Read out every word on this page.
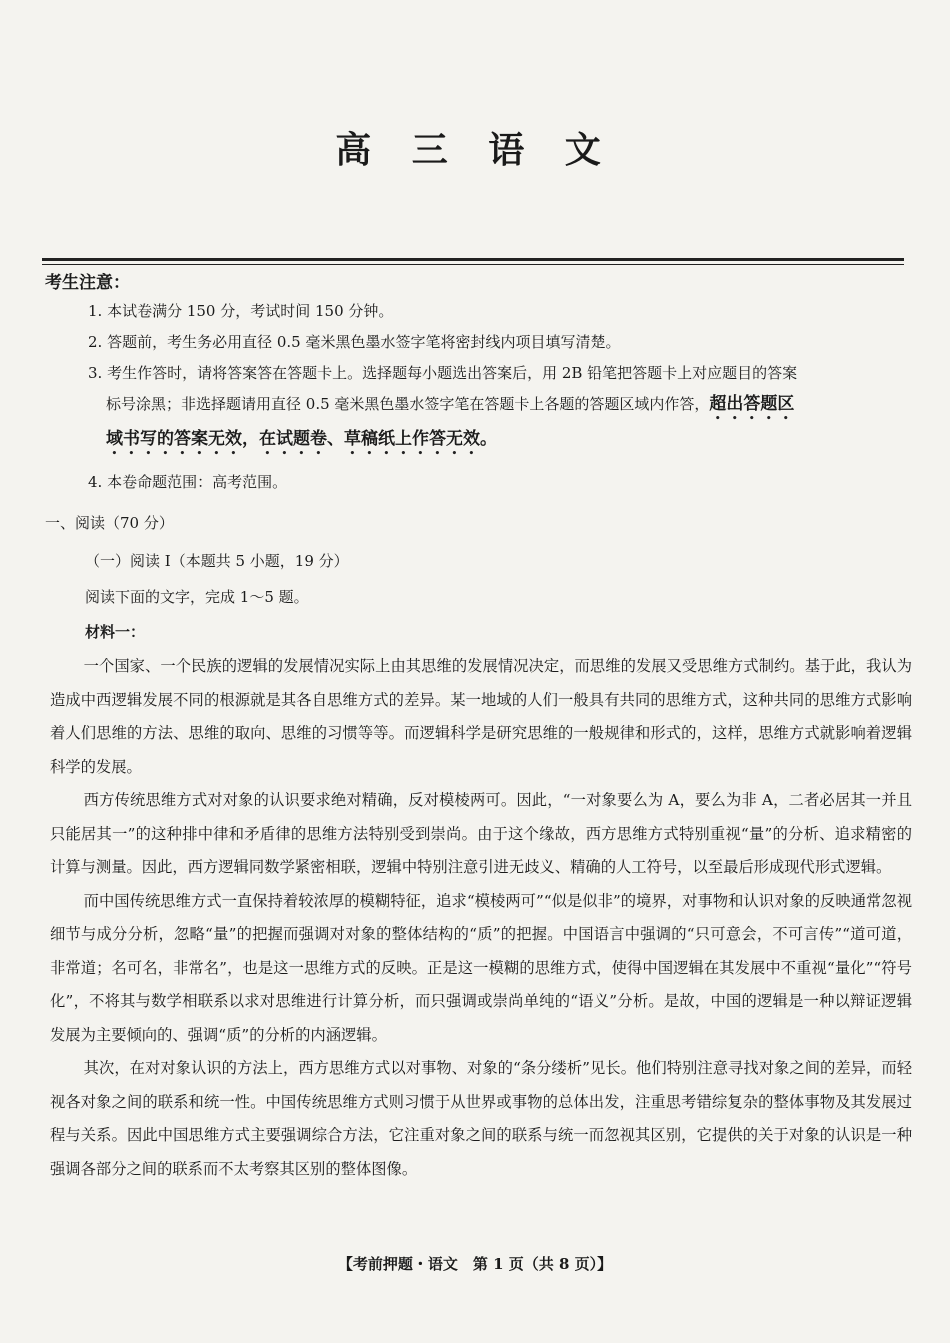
高 三 语 文
考生注意：

1. 本试卷满分 150 分，考试时间 150 分钟。

2. 答题前，考生务必用直径 0.5 毫米黑色墨水签字笔将密封线内项目填写清楚。

3. 考生作答时，请将答案答在答题卡上。选择题每小题选出答案后，用 2B 铅笔把答题卡上对应题目的答案

标号涂黑；非选择题请用直径 0.5 毫米黑色墨水签字笔在答题卡上各题的答题区域内作答，超出答题区

域书写的答案无效，在试题卷、草稿纸上作答无效。

4. 本卷命题范围：高考范围。

一、阅读（70 分）
（一）阅读 Ⅰ（本题共 5 小题，19 分）
阅读下面的文字，完成 1～5 题。
材料一：

一个国家、一个民族的逻辑的发展情况实际上由其思维的发展情况决定，而思维的发展又受思维方式制约。基于此，我认为造成中西逻辑发展不同的根源就是其各自思维方式的差异。某一地域的人们一般具有共同的思维方式，这种共同的思维方式影响着人们思维的方法、思维的取向、思维的习惯等等。而逻辑科学是研究思维的一般规律和形式的，这样，思维方式就影响着逻辑科学的发展。

西方传统思维方式对对象的认识要求绝对精确，反对模棱两可。因此，“一对象要么为 A，要么为非 A，二者必居其一并且只能居其一”的这种排中律和矛盾律的思维方法特别受到崇尚。由于这个缘故，西方思维方式特别重视“量”的分析、追求精密的计算与测量。因此，西方逻辑同数学紧密相联，逻辑中特别注意引进无歧义、精确的人工符号，以至最后形成现代形式逻辑。

而中国传统思维方式一直保持着较浓厚的模糊特征，追求“模棱两可”“似是似非”的境界，对事物和认识对象的反映通常忽视细节与成分分析，忽略“量”的把握而强调对对象的整体结构的“质”的把握。中国语言中强调的“只可意会，不可言传”“道可道，非常道；名可名，非常名”，也是这一思维方式的反映。正是这一模糊的思维方式，使得中国逻辑在其发展中不重视“量化”“符号化”，不将其与数学相联系以求对思维进行计算分析，而只强调或崇尚单纯的“语义”分析。是故，中国的逻辑是一种以辩证逻辑发展为主要倾向的、强调“质”的分析的内涵逻辑。

其次，在对对象认识的方法上，西方思维方式以对事物、对象的“条分缕析”见长。他们特别注意寻找对象之间的差异，而轻视各对象之间的联系和统一性。中国传统思维方式则习惯于从世界或事物的总体出发，注重思考错综复杂的整体事物及其发展过程与关系。因此中国思维方式主要强调综合方法，它注重对象之间的联系与统一而忽视其区别，它提供的关于对象的认识是一种强调各部分之间的联系而不太考察其区别的整体图像。

【考前押题・语文　第 1 页（共 8 页）】
